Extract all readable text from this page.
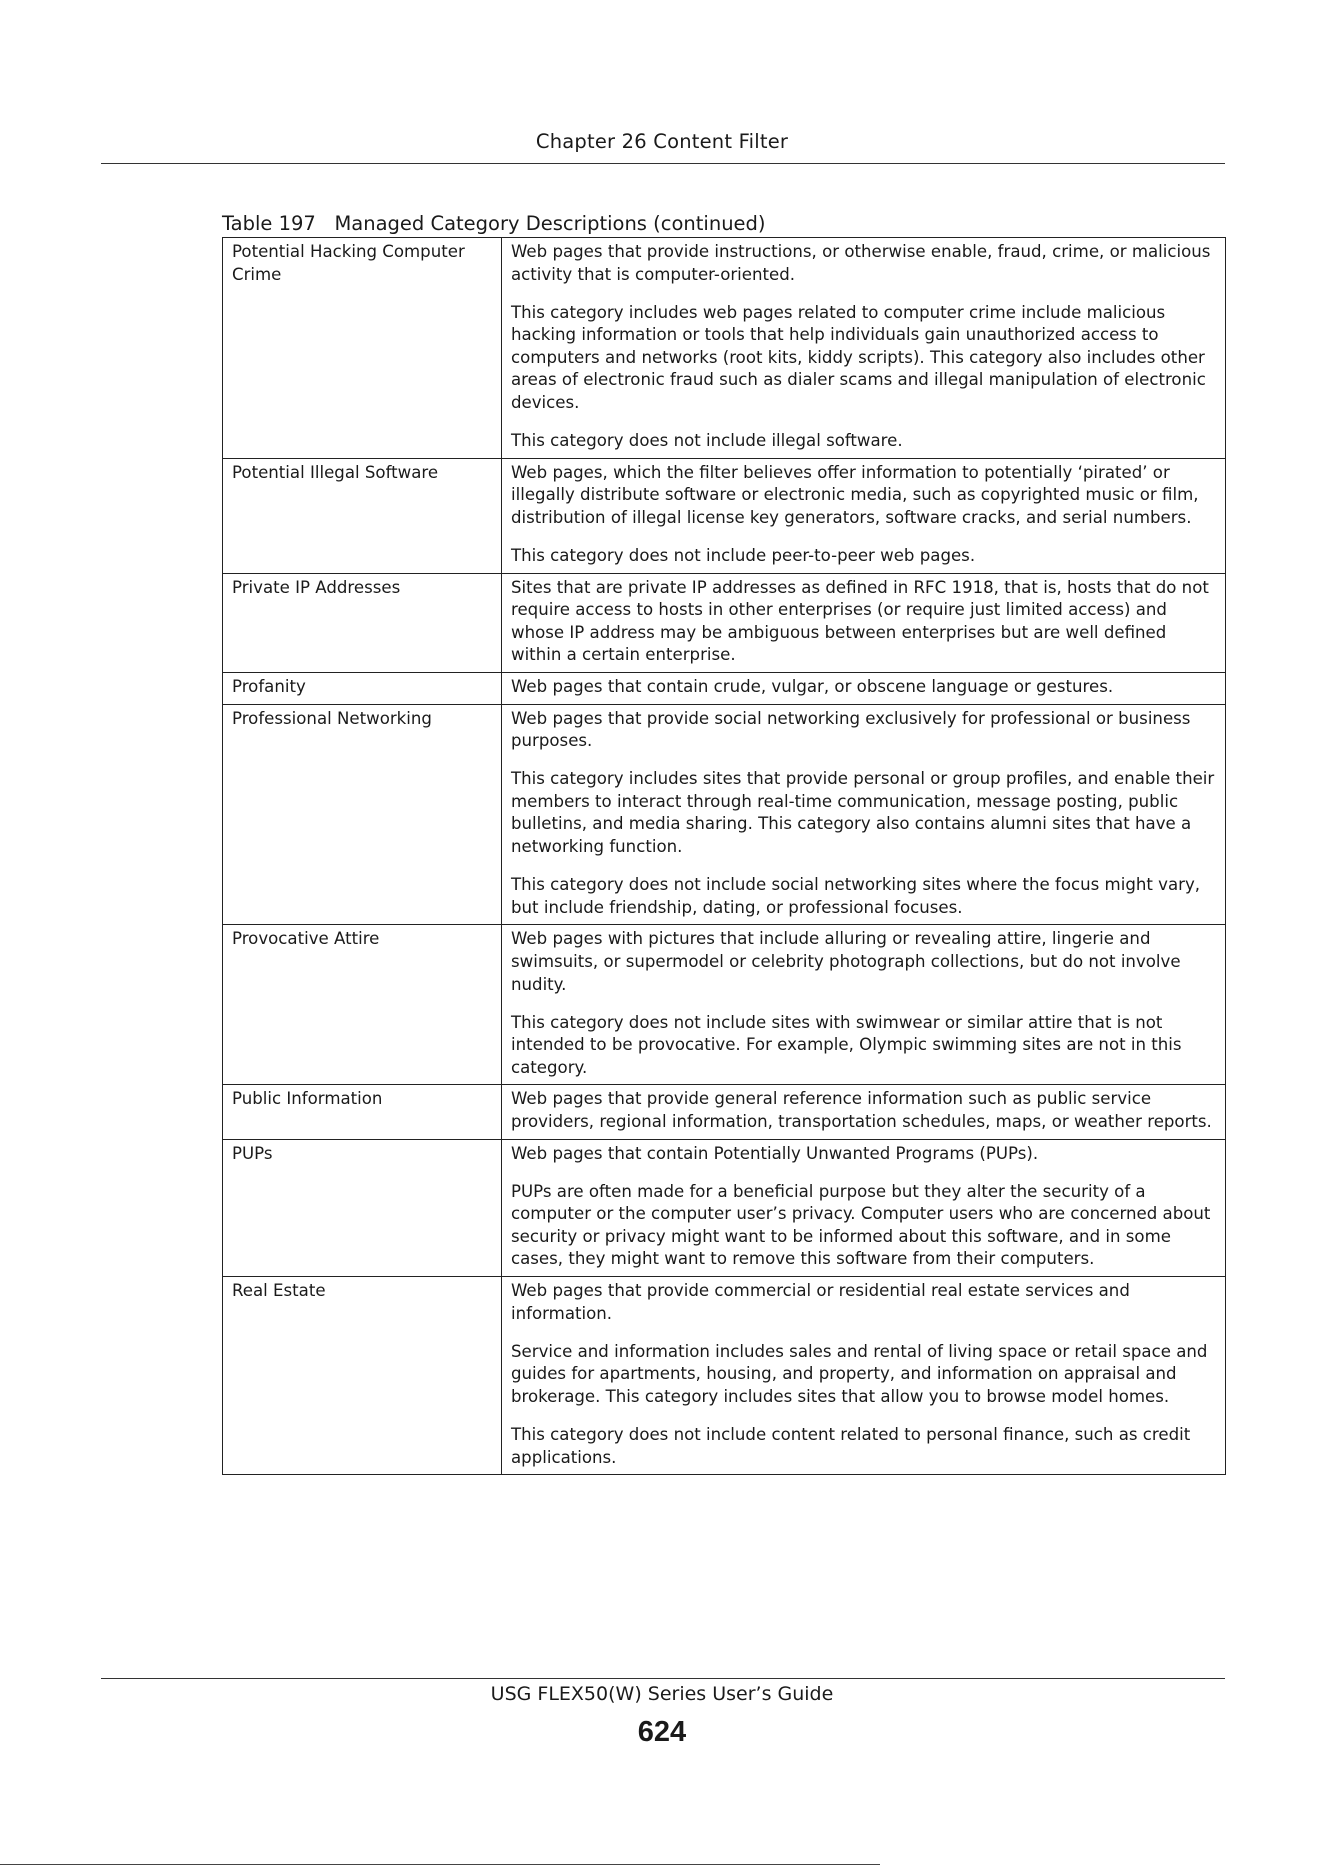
Chapter 26 Content Filter
Table 197   Managed Category Descriptions (continued)
Potential Hacking Computer Crime	Web pages that provide instructions, or otherwise enable, fraud, crime, or malicious activity that is computer-oriented.

This category includes web pages related to computer crime include malicious hacking information or tools that help individuals gain unauthorized access to computers and networks (root kits, kiddy scripts). This category also includes other areas of electronic fraud such as dialer scams and illegal manipulation of electronic devices.

This category does not include illegal software.

Potential Illegal Software	Web pages, which the filter believes offer information to potentially ‘pirated’ or illegally distribute software or electronic media, such as copyrighted music or film, distribution of illegal license key generators, software cracks, and serial numbers.

This category does not include peer-to-peer web pages.

Private IP Addresses	Sites that are private IP addresses as defined in RFC 1918, that is, hosts that do not require access to hosts in other enterprises (or require just limited access) and whose IP address may be ambiguous between enterprises but are well defined within a certain enterprise.

Profanity	Web pages that contain crude, vulgar, or obscene language or gestures.

Professional Networking	Web pages that provide social networking exclusively for professional or business purposes.

This category includes sites that provide personal or group profiles, and enable their members to interact through real-time communication, message posting, public bulletins, and media sharing. This category also contains alumni sites that have a networking function.

This category does not include social networking sites where the focus might vary, but include friendship, dating, or professional focuses.

Provocative Attire	Web pages with pictures that include alluring or revealing attire, lingerie and swimsuits, or supermodel or celebrity photograph collections, but do not involve nudity.

This category does not include sites with swimwear or similar attire that is not intended to be provocative. For example, Olympic swimming sites are not in this category.

Public Information	Web pages that provide general reference information such as public service providers, regional information, transportation schedules, maps, or weather reports.

PUPs	Web pages that contain Potentially Unwanted Programs (PUPs).

PUPs are often made for a beneficial purpose but they alter the security of a computer or the computer user’s privacy. Computer users who are concerned about security or privacy might want to be informed about this software, and in some cases, they might want to remove this software from their computers.

Real Estate	Web pages that provide commercial or residential real estate services and information.

Service and information includes sales and rental of living space or retail space and guides for apartments, housing, and property, and information on appraisal and brokerage. This category includes sites that allow you to browse model homes.

This category does not include content related to personal finance, such as credit applications.

USG FLEX50(W) Series User’s Guide
624
